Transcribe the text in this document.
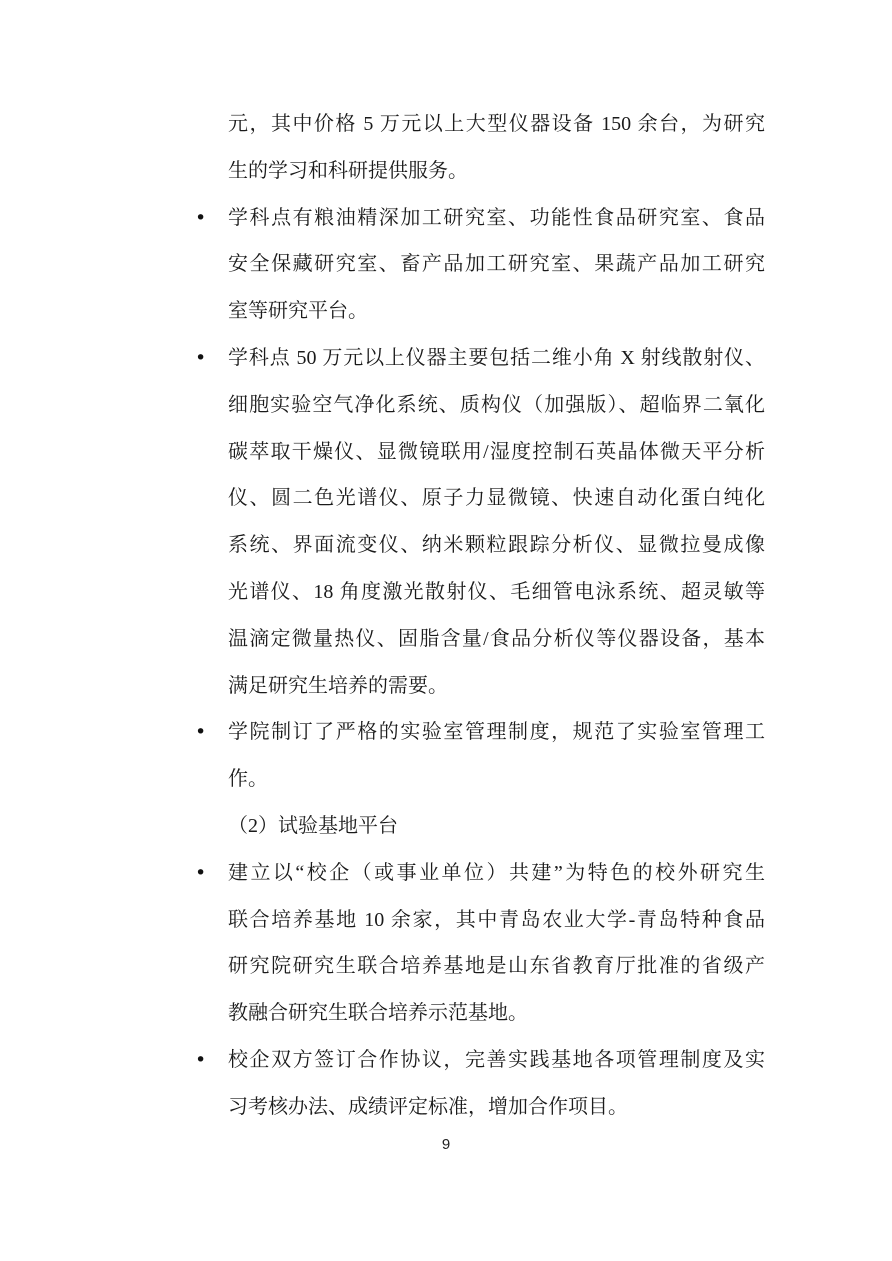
元，其中价格 5 万元以上大型仪器设备 150 余台，为研究
生的学习和科研提供服务。
• 学科点有粮油精深加工研究室、功能性食品研究室、食品
安全保藏研究室、畜产品加工研究室、果蔬产品加工研究
室等研究平台。
• 学科点 50 万元以上仪器主要包括二维小角 X 射线散射仪、
细胞实验空气净化系统、质构仪（加强版）、超临界二氧化
碳萃取干燥仪、显微镜联用/湿度控制石英晶体微天平分析
仪、圆二色光谱仪、原子力显微镜、快速自动化蛋白纯化
系统、界面流变仪、纳米颗粒跟踪分析仪、显微拉曼成像
光谱仪、18 角度激光散射仪、毛细管电泳系统、超灵敏等
温滴定微量热仪、固脂含量/食品分析仪等仪器设备，基本
满足研究生培养的需要。
• 学院制订了严格的实验室管理制度，规范了实验室管理工
作。
（2）试验基地平台
• 建立以“校企（或事业单位）共建”为特色的校外研究生
联合培养基地 10 余家，其中青岛农业大学-青岛特种食品
研究院研究生联合培养基地是山东省教育厅批准的省级产
教融合研究生联合培养示范基地。
• 校企双方签订合作协议，完善实践基地各项管理制度及实
习考核办法、成绩评定标准，增加合作项目。
9
